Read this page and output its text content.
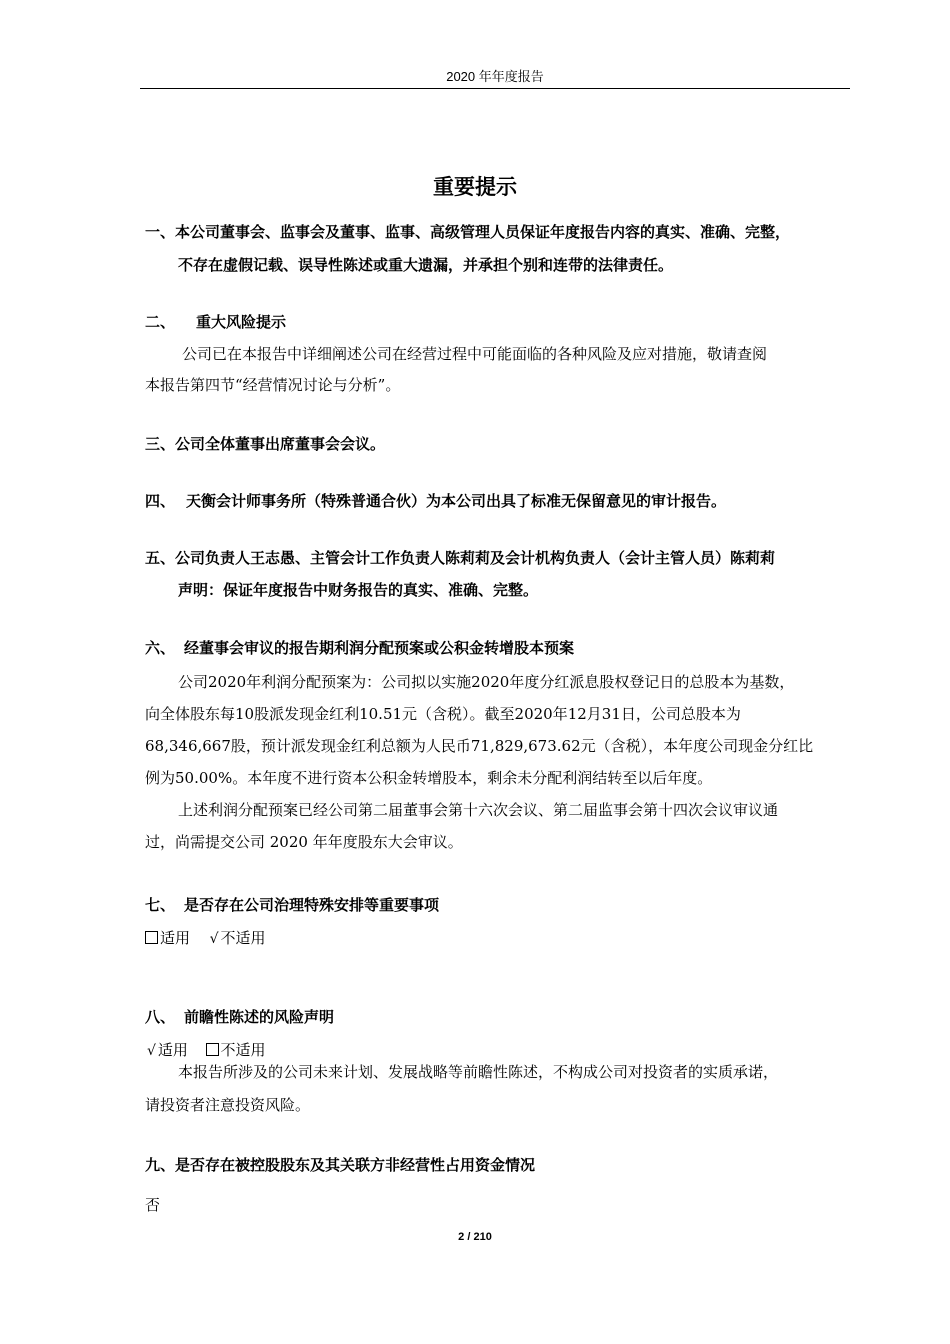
2020 年年度报告
重要提示
一、本公司董事会、监事会及董事、监事、高级管理人员保证年度报告内容的真实、准确、完整，
不存在虚假记载、误导性陈述或重大遗漏，并承担个别和连带的法律责任。
二、 重大风险提示
公司已在本报告中详细阐述公司在经营过程中可能面临的各种风险及应对措施，敬请查阅
本报告第四节“经营情况讨论与分析”。
三、公司全体董事出席董事会会议。
四、 天衡会计师事务所（特殊普通合伙）为本公司出具了标准无保留意见的审计报告。
五、公司负责人王志愚、主管会计工作负责人陈莉莉及会计机构负责人（会计主管人员）陈莉莉
声明：保证年度报告中财务报告的真实、准确、完整。
六、 经董事会审议的报告期利润分配预案或公积金转增股本预案
公司2020年利润分配预案为：公司拟以实施2020年度分红派息股权登记日的总股本为基数，
向全体股东每10股派发现金红利10.51元（含税）。截至2020年12月31日，公司总股本为
68,346,667股，预计派发现金红利总额为人民币71,829,673.62元（含税），本年度公司现金分红比
例为50.00%。本年度不进行资本公积金转增股本，剩余未分配利润结转至以后年度。
上述利润分配预案已经公司第二届董事会第十六次会议、第二届监事会第十四次会议审议通
过，尚需提交公司 2020 年年度股东大会审议。
七、 是否存在公司治理特殊安排等重要事项
适用 √ 不适用
八、 前瞻性陈述的风险声明
√ 适用 不适用
本报告所涉及的公司未来计划、发展战略等前瞻性陈述，不构成公司对投资者的实质承诺，
请投资者注意投资风险。
九、是否存在被控股股东及其关联方非经营性占用资金情况
否
2 / 210
